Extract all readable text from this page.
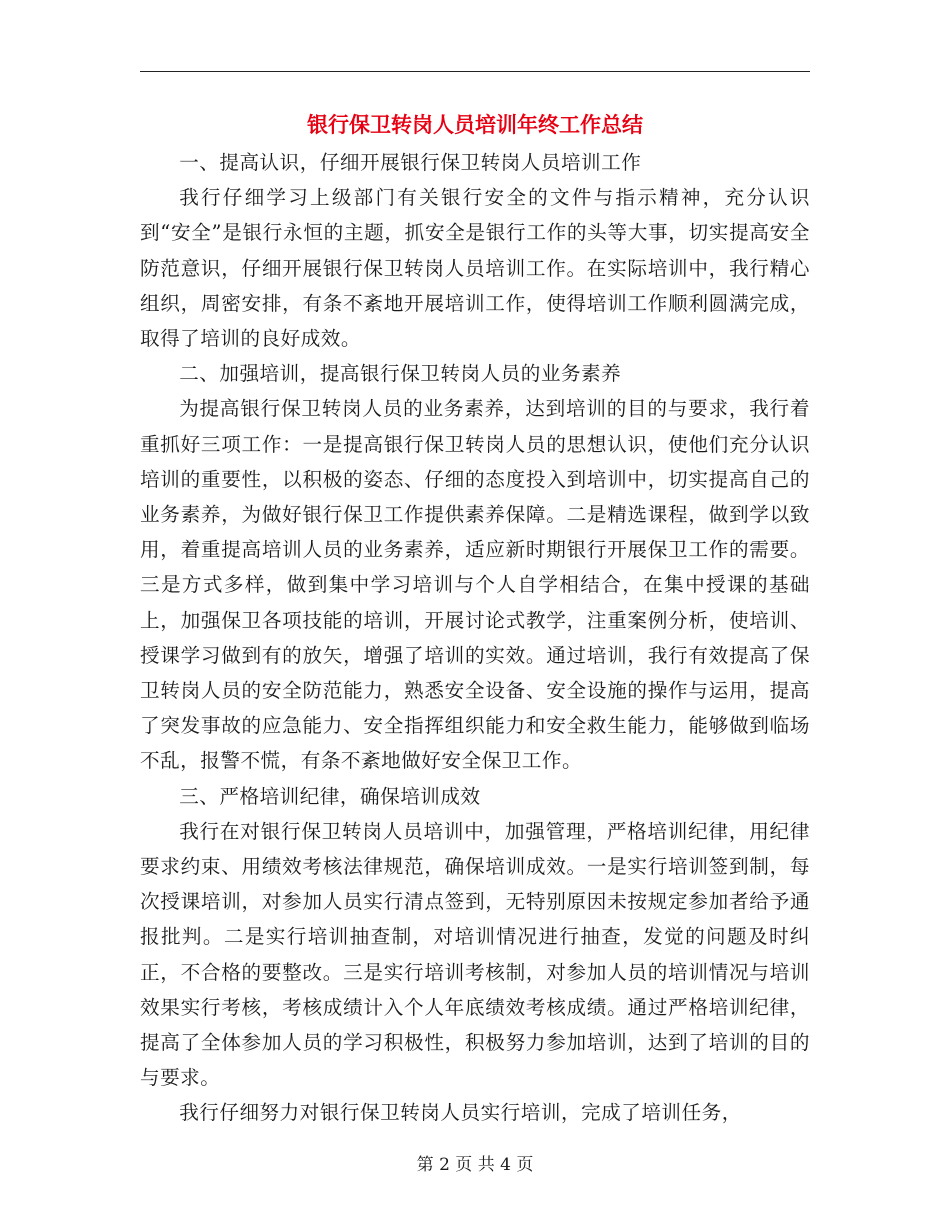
银行保卫转岗人员培训年终工作总结

一、提高认识，仔细开展银行保卫转岗人员培训工作

我行仔细学习上级部门有关银行安全的文件与指示精神，充分认识到“安全”是银行永恒的主题，抓安全是银行工作的头等大事，切实提高安全防范意识，仔细开展银行保卫转岗人员培训工作。在实际培训中，我行精心组织，周密安排，有条不紊地开展培训工作，使得培训工作顺利圆满完成，取得了培训的良好成效。

二、加强培训，提高银行保卫转岗人员的业务素养

为提高银行保卫转岗人员的业务素养，达到培训的目的与要求，我行着重抓好三项工作：一是提高银行保卫转岗人员的思想认识，使他们充分认识培训的重要性，以积极的姿态、仔细的态度投入到培训中，切实提高自己的业务素养，为做好银行保卫工作提供素养保障。二是精选课程，做到学以致用，着重提高培训人员的业务素养，适应新时期银行开展保卫工作的需要。三是方式多样，做到集中学习培训与个人自学相结合，在集中授课的基础上，加强保卫各项技能的培训，开展讨论式教学，注重案例分析，使培训、授课学习做到有的放矢，增强了培训的实效。通过培训，我行有效提高了保卫转岗人员的安全防范能力，熟悉安全设备、安全设施的操作与运用，提高了突发事故的应急能力、安全指挥组织能力和安全救生能力，能够做到临场不乱，报警不慌，有条不紊地做好安全保卫工作。

三、严格培训纪律，确保培训成效

我行在对银行保卫转岗人员培训中，加强管理，严格培训纪律，用纪律要求约束、用绩效考核法律规范，确保培训成效。一是实行培训签到制，每次授课培训，对参加人员实行清点签到，无特别原因未按规定参加者给予通报批判。二是实行培训抽查制，对培训情况进行抽查，发觉的问题及时纠正，不合格的要整改。三是实行培训考核制，对参加人员的培训情况与培训效果实行考核，考核成绩计入个人年底绩效考核成绩。通过严格培训纪律，提高了全体参加人员的学习积极性，积极努力参加培训，达到了培训的目的与要求。

我行仔细努力对银行保卫转岗人员实行培训，完成了培训任务，

第 2 页 共 4 页
